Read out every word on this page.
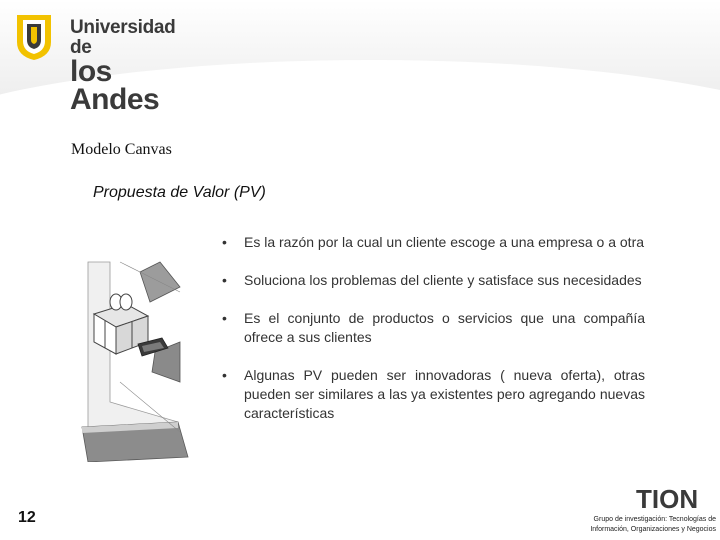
Universidad de
los Andes
Modelo Canvas
Propuesta de Valor (PV)
• Es la razón por la cual un cliente escoge a una empresa o a otra
• Soluciona los problemas del cliente y satisface sus necesidades
• Es el conjunto de productos o servicios que una compañía ofrece a sus clientes
• Algunas PV pueden ser innovadoras ( nueva oferta), otras pueden ser similares a las ya existentes pero agregando nuevas características
12
TION
Grupo de investigación: Tecnologías de
Información, Organizaciones y Negocios
